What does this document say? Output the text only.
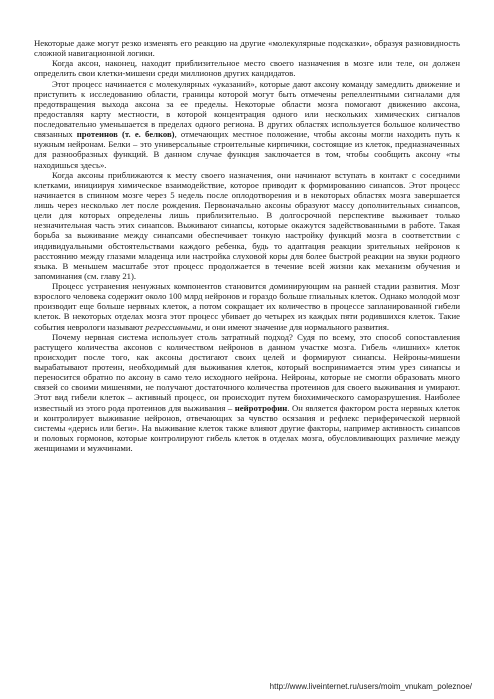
Некоторые даже могут резко изменять его реакцию на другие «молекулярные подсказки», образуя разновидность сложной навигационной логики.

Когда аксон, наконец, находит приблизительное место своего назначения в мозге или теле, он должен определить свои клетки-мишени среди миллионов других кандидатов.

Этот процесс начинается с молекулярных «указаний», которые дают аксону команду замедлить движение и приступить к исследованию области, границы которой могут быть отмечены репеллентными сигналами для предотвращения выхода аксона за ее пределы. Некоторые области мозга помогают движению аксона, предоставляя карту местности, в которой концентрация одного или нескольких химических сигналов последовательно уменьшается в пределах одного региона. В других областях используется большое количество связанных протеинов (т. е. белков), отмечающих местное положение, чтобы аксоны могли находить путь к нужным нейронам. Белки – это универсальные строительные кирпичики, состоящие из клеток, предназначенных для разнообразных функций. В данном случае функция заключается в том, чтобы сообщить аксону «ты находишься здесь».

Когда аксоны приближаются к месту своего назначения, они начинают вступать в контакт с соседними клетками, инициируя химическое взаимодействие, которое приводит к формированию синапсов. Этот процесс начинается в спинном мозге через 5 недель после оплодотворения и в некоторых областях мозга завершается лишь через несколько лет после рождения. Первоначально аксоны образуют массу дополнительных синапсов, цели для которых определены лишь приблизительно. В долгосрочной перспективе выживает только незначительная часть этих синапсов. Выживают синапсы, которые окажутся задействованными в работе. Такая борьба за выживание между синапсами обеспечивает тонкую настройку функций мозга в соответствии с индивидуальными обстоятельствами каждого ребенка, будь то адаптация реакции зрительных нейронов к расстоянию между глазами младенца или настройка слуховой коры для более быстрой реакции на звуки родного языка. В меньшем масштабе этот процесс продолжается в течение всей жизни как механизм обучения и запоминания (см. главу 21).

Процесс устранения ненужных компонентов становится доминирующим на ранней стадии развития. Мозг взрослого человека содержит около 100 млрд нейронов и гораздо больше глиальных клеток. Однако молодой мозг производит еще больше нервных клеток, а потом сокращает их количество в процессе запланированной гибели клеток. В некоторых отделах мозга этот процесс убивает до четырех из каждых пяти родившихся клеток. Такие события неврологи называют регрессивными, и они имеют значение для нормального развития.

Почему нервная система использует столь затратный подход? Судя по всему, это способ сопоставления растущего количества аксонов с количеством нейронов в данном участке мозга. Гибель «лишних» клеток происходит после того, как аксоны достигают своих целей и формируют синапсы. Нейроны-мишени вырабатывают протеин, необходимый для выживания клеток, который воспринимается этим урез синапсы и переносится обратно по аксону в само тело исходного нейрона. Нейроны, которые не смогли образовать много связей со своими мишенями, не получают достаточного количества протеинов для своего выживания и умирают. Этот вид гибели клеток – активный процесс, он происходит путем биохимического саморазрушения. Наиболее известный из этого рода протеинов для выживания – нейротрофин. Он является фактором роста нервных клеток и контролирует выживание нейронов, отвечающих за чувство осязания и рефлекс периферической нервной системы «дерись или беги». На выживание клеток также влияют другие факторы, например активность синапсов и половых гормонов, которые контролируют гибель клеток в отделах мозга, обусловливающих различие между женщинами и мужчинами.

http://www.liveinternet.ru/users/moim_vnukam_poleznoe/
